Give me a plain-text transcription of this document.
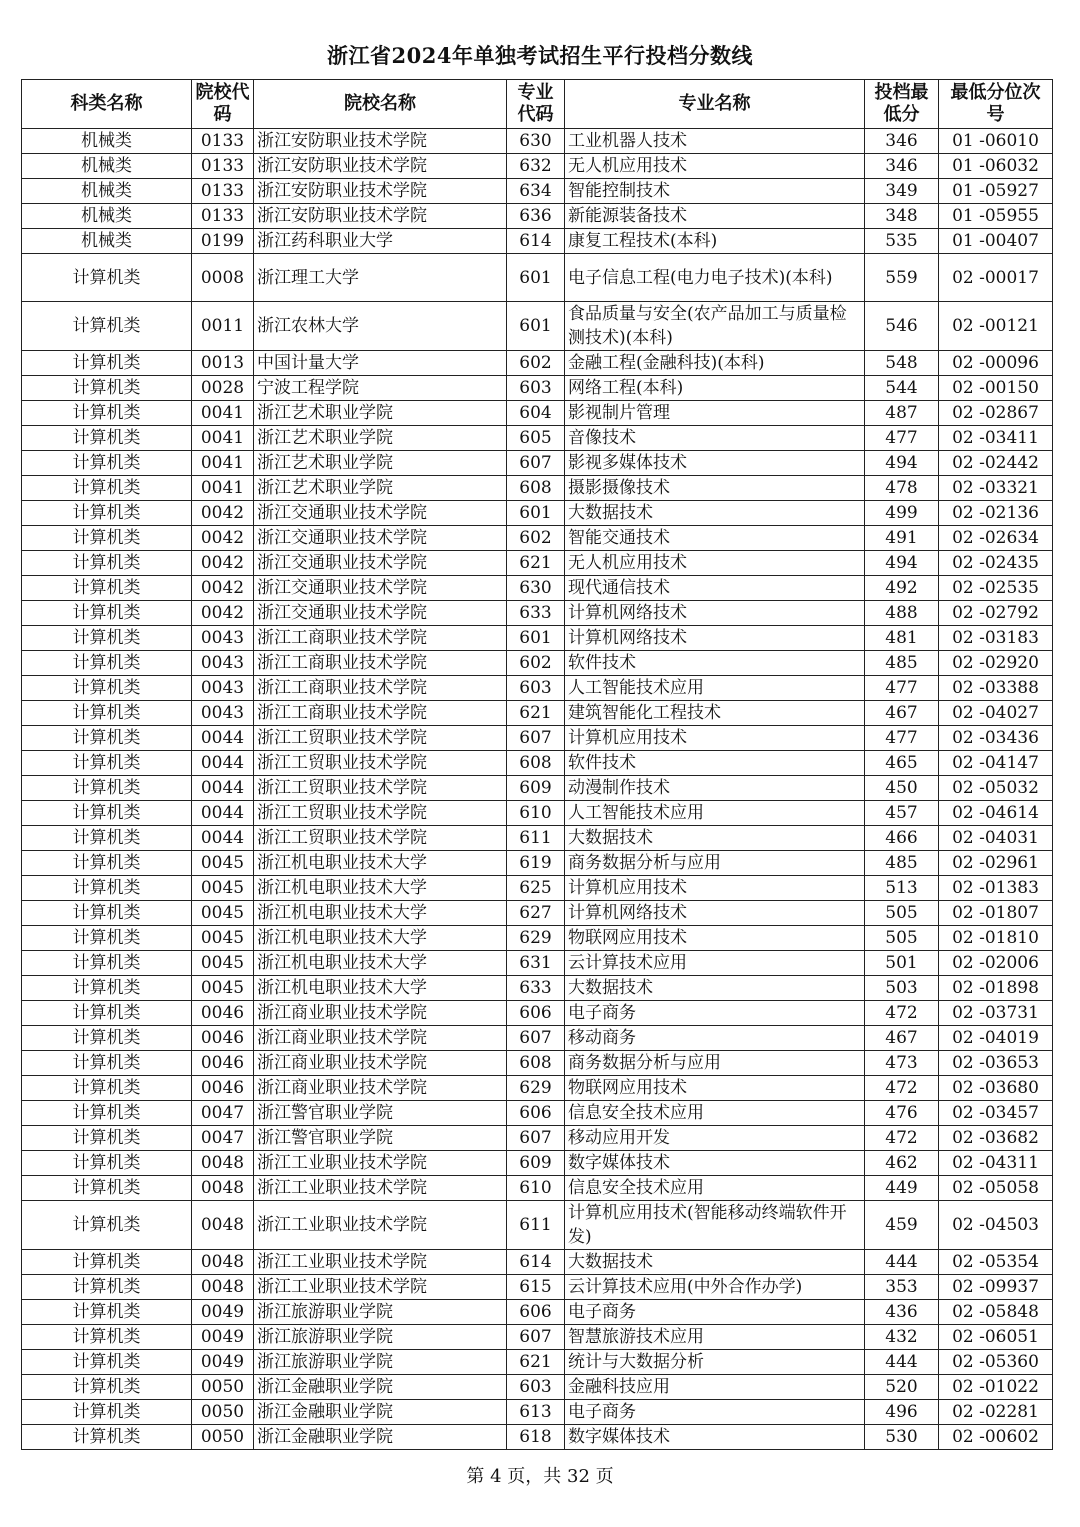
浙江省2024年单独考试招生平行投档分数线
科类名称	院校代码	院校名称	专业代码	专业名称	投档最低分	最低分位次号
机械类	0133	浙江安防职业技术学院	630	工业机器人技术	346	01 -06010
机械类	0133	浙江安防职业技术学院	632	无人机应用技术	346	01 -06032
机械类	0133	浙江安防职业技术学院	634	智能控制技术	349	01 -05927
机械类	0133	浙江安防职业技术学院	636	新能源装备技术	348	01 -05955
机械类	0199	浙江药科职业大学	614	康复工程技术(本科)	535	01 -00407
计算机类	0008	浙江理工大学	601	电子信息工程(电力电子技术)(本科)	559	02 -00017
计算机类	0011	浙江农林大学	601	食品质量与安全(农产品加工与质量检测技术)(本科)	546	02 -00121
计算机类	0013	中国计量大学	602	金融工程(金融科技)(本科)	548	02 -00096
计算机类	0028	宁波工程学院	603	网络工程(本科)	544	02 -00150
计算机类	0041	浙江艺术职业学院	604	影视制片管理	487	02 -02867
计算机类	0041	浙江艺术职业学院	605	音像技术	477	02 -03411
计算机类	0041	浙江艺术职业学院	607	影视多媒体技术	494	02 -02442
计算机类	0041	浙江艺术职业学院	608	摄影摄像技术	478	02 -03321
计算机类	0042	浙江交通职业技术学院	601	大数据技术	499	02 -02136
计算机类	0042	浙江交通职业技术学院	602	智能交通技术	491	02 -02634
计算机类	0042	浙江交通职业技术学院	621	无人机应用技术	494	02 -02435
计算机类	0042	浙江交通职业技术学院	630	现代通信技术	492	02 -02535
计算机类	0042	浙江交通职业技术学院	633	计算机网络技术	488	02 -02792
计算机类	0043	浙江工商职业技术学院	601	计算机网络技术	481	02 -03183
计算机类	0043	浙江工商职业技术学院	602	软件技术	485	02 -02920
计算机类	0043	浙江工商职业技术学院	603	人工智能技术应用	477	02 -03388
计算机类	0043	浙江工商职业技术学院	621	建筑智能化工程技术	467	02 -04027
计算机类	0044	浙江工贸职业技术学院	607	计算机应用技术	477	02 -03436
计算机类	0044	浙江工贸职业技术学院	608	软件技术	465	02 -04147
计算机类	0044	浙江工贸职业技术学院	609	动漫制作技术	450	02 -05032
计算机类	0044	浙江工贸职业技术学院	610	人工智能技术应用	457	02 -04614
计算机类	0044	浙江工贸职业技术学院	611	大数据技术	466	02 -04031
计算机类	0045	浙江机电职业技术大学	619	商务数据分析与应用	485	02 -02961
计算机类	0045	浙江机电职业技术大学	625	计算机应用技术	513	02 -01383
计算机类	0045	浙江机电职业技术大学	627	计算机网络技术	505	02 -01807
计算机类	0045	浙江机电职业技术大学	629	物联网应用技术	505	02 -01810
计算机类	0045	浙江机电职业技术大学	631	云计算技术应用	501	02 -02006
计算机类	0045	浙江机电职业技术大学	633	大数据技术	503	02 -01898
计算机类	0046	浙江商业职业技术学院	606	电子商务	472	02 -03731
计算机类	0046	浙江商业职业技术学院	607	移动商务	467	02 -04019
计算机类	0046	浙江商业职业技术学院	608	商务数据分析与应用	473	02 -03653
计算机类	0046	浙江商业职业技术学院	629	物联网应用技术	472	02 -03680
计算机类	0047	浙江警官职业学院	606	信息安全技术应用	476	02 -03457
计算机类	0047	浙江警官职业学院	607	移动应用开发	472	02 -03682
计算机类	0048	浙江工业职业技术学院	609	数字媒体技术	462	02 -04311
计算机类	0048	浙江工业职业技术学院	610	信息安全技术应用	449	02 -05058
计算机类	0048	浙江工业职业技术学院	611	计算机应用技术(智能移动终端软件开发)	459	02 -04503
计算机类	0048	浙江工业职业技术学院	614	大数据技术	444	02 -05354
计算机类	0048	浙江工业职业技术学院	615	云计算技术应用(中外合作办学)	353	02 -09937
计算机类	0049	浙江旅游职业学院	606	电子商务	436	02 -05848
计算机类	0049	浙江旅游职业学院	607	智慧旅游技术应用	432	02 -06051
计算机类	0049	浙江旅游职业学院	621	统计与大数据分析	444	02 -05360
计算机类	0050	浙江金融职业学院	603	金融科技应用	520	02 -01022
计算机类	0050	浙江金融职业学院	613	电子商务	496	02 -02281
计算机类	0050	浙江金融职业学院	618	数字媒体技术	530	02 -00602
第 4 页，共 32 页
